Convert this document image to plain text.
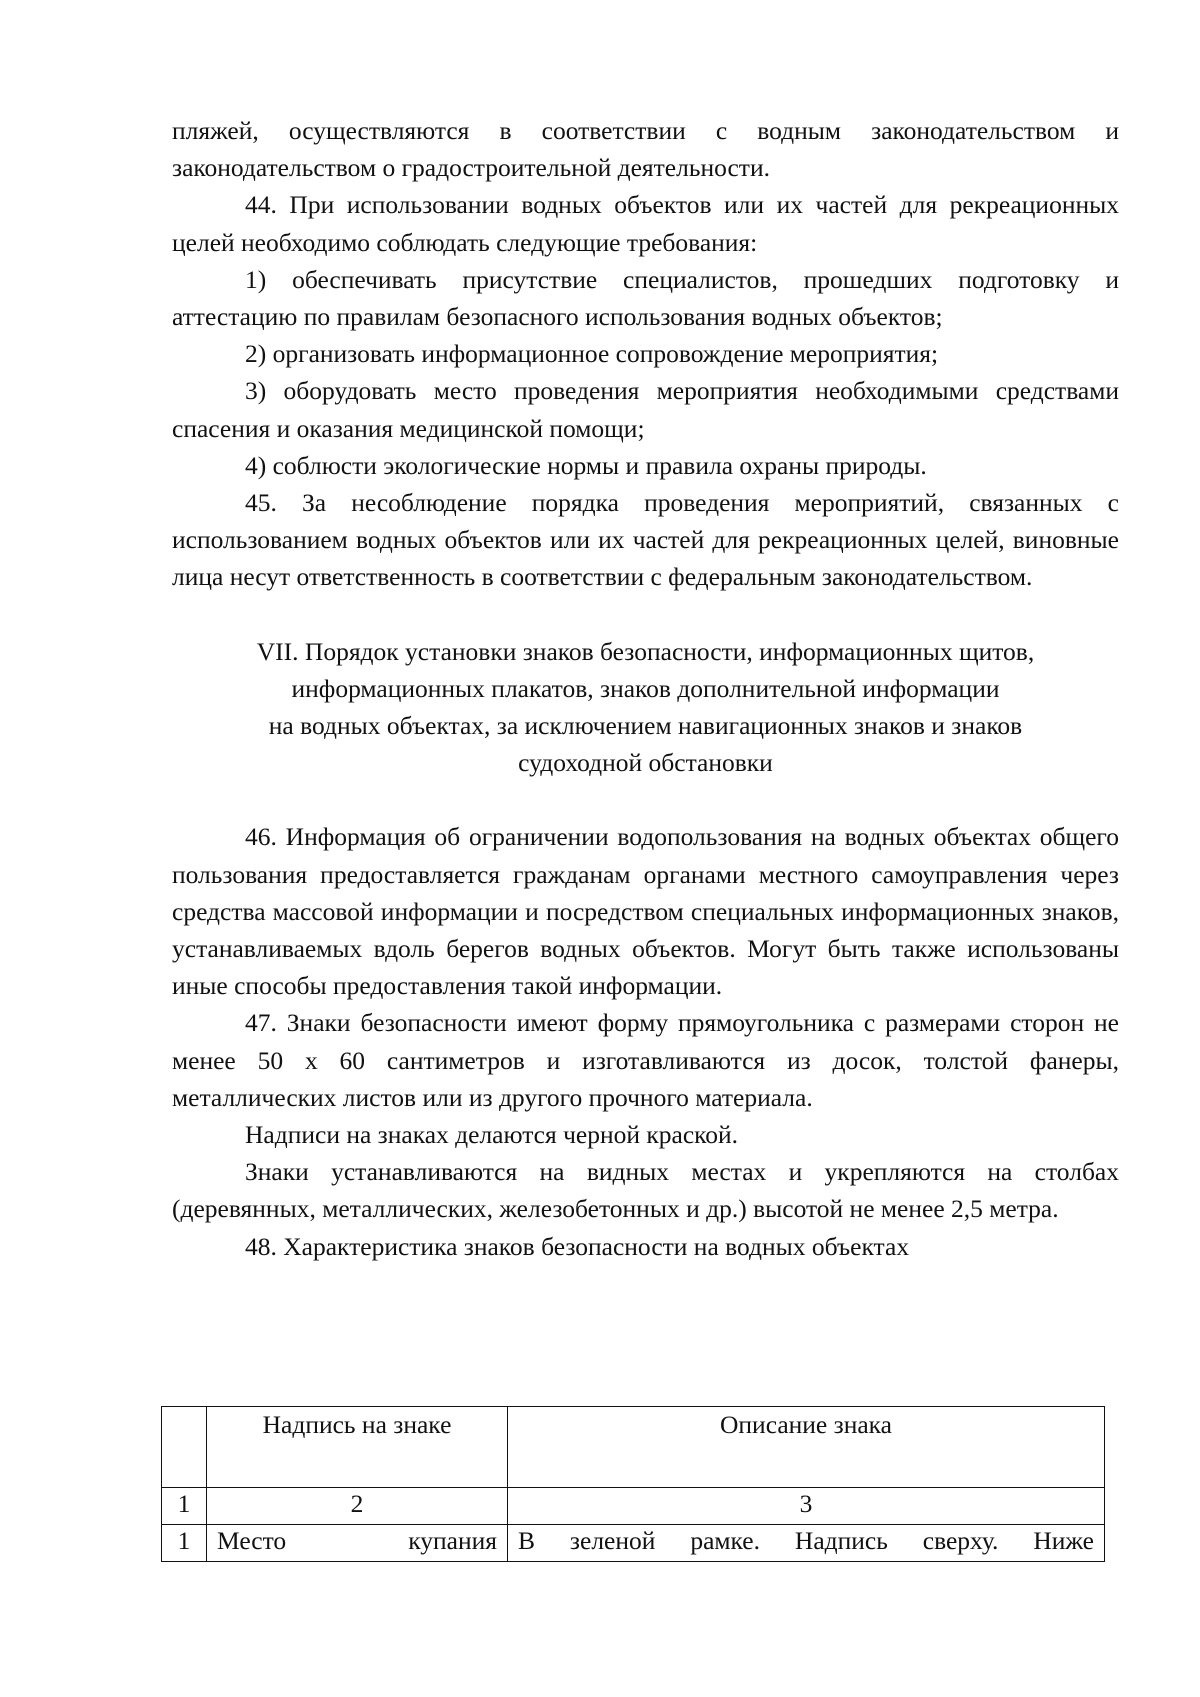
пляжей, осуществляются в соответствии с водным законодательством и законодательством о градостроительной деятельности.

44. При использовании водных объектов или их частей для рекреационных целей необходимо соблюдать следующие требования:

1) обеспечивать присутствие специалистов, прошедших подготовку и аттестацию по правилам безопасного использования водных объектов;

2) организовать информационное сопровождение мероприятия;

3) оборудовать место проведения мероприятия необходимыми средствами спасения и оказания медицинской помощи;

4) соблюсти экологические нормы и правила охраны природы.

45. За несоблюдение порядка проведения мероприятий, связанных с использованием водных объектов или их частей для рекреационных целей, виновные лица несут ответственность в соответствии с федеральным законодательством.

VII. Порядок установки знаков безопасности, информационных щитов,
информационных плакатов, знаков дополнительной информации
на водных объектах, за исключением навигационных знаков и знаков
судоходной обстановки

46. Информация об ограничении водопользования на водных объектах общего пользования предоставляется гражданам органами местного самоуправления через средства массовой информации и посредством специальных информационных знаков, устанавливаемых вдоль берегов водных объектов. Могут быть также использованы иные способы предоставления такой информации.

47. Знаки безопасности имеют форму прямоугольника с размерами сторон не менее 50 х 60 сантиметров и изготавливаются из досок, толстой фанеры, металлических листов или из другого прочного материала.

Надписи на знаках делаются черной краской.

Знаки устанавливаются на видных местах и укрепляются на столбах (деревянных, металлических, железобетонных и др.) высотой не менее 2,5 метра.

48. Характеристика знаков безопасности на водных объектах

	Надпись на знаке	Описание знака
1	2	3
1	Место купания	В зеленой рамке. Надпись сверху. Ниже
